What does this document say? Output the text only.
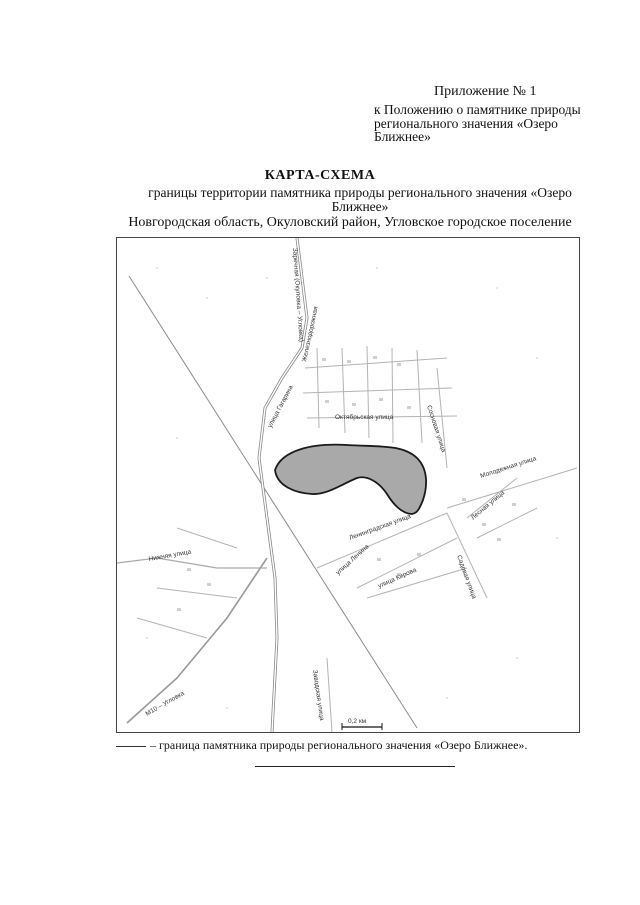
Приложение № 1
к Положению о памятнике природы регионального значения «Озеро Ближнее»
КАРТА-СХЕМА
границы территории памятника природы регионального значения «Озеро Ближнее»
Новгородская область, Окуловский район, Угловское городское поселение
Заречная (Окуловка – Угловка)
улица Гагарина
Железнодорожная
Октябрьская улица	Сосновая улица
Молодежная улица
Лесная улица
Ленинградская улица
улица Ленина
улица Кирова	Садовая улица
Нижняя улица
М10 – Угловка	Заводская улица
0,2 км
– граница памятника природы регионального значения «Озеро Ближнее».
